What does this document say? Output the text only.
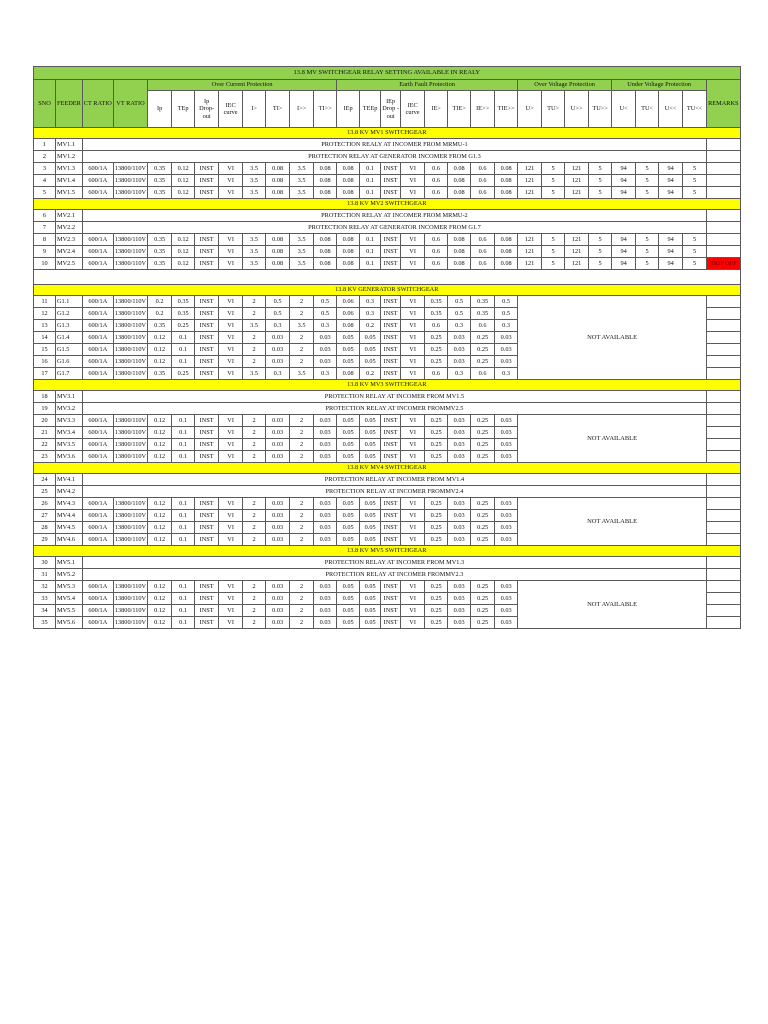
13.8 MV SWITCHGEAR RELAY SETTING AVAILABLE IN REALY																												
SNO	FEEDER	CT RATIO	VT RATIO	Over Current Protection								Earth Fault Protection								Over Voltage Protection				Under Voltage Protection				REMARKS
				Ip	TEp	Ip Drop-out	IEC curve	I>	TI>	I>>	TI>>	IEp	TEEp	IEp Drop - out	IEC curve	IE>	TIE>	IE>>	TIE>>	U>	TU>	U>>	TU>>	U<	TU<	U<<	TU<<	
13.8 KV MV1 SWITCHGEAR																												
1	MV1.1	PROTECTION REALY AT INCOMER FROM MRMU-1																										
2	MV1.2	PROTECTION RELAY AT GENERATOR INCOMER FROM G1.3																										
3	MV1.3	600/1A	13800/110V	0.35	0.12	INST	VI	3.5	0.08	3.5	0.08	0.08	0.1	INST	VI	0.6	0.08	0.6	0.08	121	5	121	5	94	5	94	5	
4	MV1.4	600/1A	13800/110V	0.35	0.12	INST	VI	3.5	0.08	3.5	0.08	0.08	0.1	INST	VI	0.6	0.08	0.6	0.08	121	5	121	5	94	5	94	5	
5	MV1.5	600/1A	13800/110V	0.35	0.12	INST	VI	3.5	0.08	3.5	0.08	0.08	0.1	INST	VI	0.6	0.08	0.6	0.08	121	5	121	5	94	5	94	5	
13.8 KV MV2 SWITCHGEAR																												
6	MV2.1	PROTECTION RELAY AT INCOMER FROM MRMU-2																										
7	MV2.2	PROTECTION RELAY AT GENERATOR INCOMER FROM G1.7																										
8	MV2.3	600/1A	13800/110V	0.35	0.12	INST	VI	3.5	0.08	3.5	0.08	0.08	0.1	INST	VI	0.6	0.08	0.6	0.08	121	5	121	5	94	5	94	5	
9	MV2.4	600/1A	13800/110V	0.35	0.12	INST	VI	3.5	0.08	3.5	0.08	0.08	0.1	INST	VI	0.6	0.08	0.6	0.08	121	5	121	5	94	5	94	5	
10	MV2.5	600/1A	13800/110V	0.35	0.12	INST	VI	3.5	0.08	3.5	0.08	0.08	0.1	INST	VI	0.6	0.08	0.6	0.08	121	5	121	5	94	5	94	5	TRIP OFF

13.8 KV GENERATOR SWITCHGEAR																												
11	G1.1	600/1A	13800/110V	0.2	0.35	INST	VI	2	0.5	2	0.5	0.06	0.3	INST	VI	0.35	0.5	0.35	0.5	NOT AVAILABLE								
12	G1.2	600/1A	13800/110V	0.2	0.35	INST	VI	2	0.5	2	0.5	0.06	0.3	INST	VI	0.35	0.5	0.35	0.5									
13	G1.3	600/1A	13800/110V	0.35	0.25	INST	VI	3.5	0.3	3.5	0.3	0.08	0.2	INST	VI	0.6	0.3	0.6	0.3									
14	G1.4	600/1A	13800/110V	0.12	0.1	INST	VI	2	0.03	2	0.03	0.05	0.05	INST	VI	0.25	0.03	0.25	0.03									
15	G1.5	600/1A	13800/110V	0.12	0.1	INST	VI	2	0.03	2	0.03	0.05	0.05	INST	VI	0.25	0.03	0.25	0.03									
16	G1.6	600/1A	13800/110V	0.12	0.1	INST	VI	2	0.03	2	0.03	0.05	0.05	INST	VI	0.25	0.03	0.25	0.03									
17	G1.7	600/1A	13800/110V	0.35	0.25	INST	VI	3.5	0.3	3.5	0.3	0.08	0.2	INST	VI	0.6	0.3	0.6	0.3									
13.8 KV MV3 SWITCHGEAR																												
18	MV3.1	PROTECTION RELAY AT INCOMER FROM MV1.5																										
19	MV3.2	PROTECTION RELAY AT INCOMER FROMMV2.5																										
20	MV3.3	600/1A	13800/110V	0.12	0.1	INST	VI	2	0.03	2	0.03	0.05	0.05	INST	VI	0.25	0.03	0.25	0.03	NOT AVAILABLE								
21	MV3.4	600/1A	13800/110V	0.12	0.1	INST	VI	2	0.03	2	0.03	0.05	0.05	INST	VI	0.25	0.03	0.25	0.03									
22	MV3.5	600/1A	13800/110V	0.12	0.1	INST	VI	2	0.03	2	0.03	0.05	0.05	INST	VI	0.25	0.03	0.25	0.03									
23	MV3.6	600/1A	13800/110V	0.12	0.1	INST	VI	2	0.03	2	0.03	0.05	0.05	INST	VI	0.25	0.03	0.25	0.03									
13.8 KV MV4 SWITCHGEAR																												
24	MV4.1	PROTECTION RELAY AT INCOMER FROM MV1.4																										
25	MV4.2	PROTECTION RELAY AT INCOMER FROMMV2.4																										
26	MV4.3	600/1A	13800/110V	0.12	0.1	INST	VI	2	0.03	2	0.03	0.05	0.05	INST	VI	0.25	0.03	0.25	0.03	NOT AVAILABLE								
27	MV4.4	600/1A	13800/110V	0.12	0.1	INST	VI	2	0.03	2	0.03	0.05	0.05	INST	VI	0.25	0.03	0.25	0.03									
28	MV4.5	600/1A	13800/110V	0.12	0.1	INST	VI	2	0.03	2	0.03	0.05	0.05	INST	VI	0.25	0.03	0.25	0.03									
29	MV4.6	600/1A	13800/110V	0.12	0.1	INST	VI	2	0.03	2	0.03	0.05	0.05	INST	VI	0.25	0.03	0.25	0.03									
13.8 KV MV5 SWITCHGEAR																												
30	MV5.1	PROTECTION RELAY AT INCOMER FROM MV1.3																										
31	MV5.2	PROTECTION RELAY AT INCOMER FROMMV2.3																										
32	MV5.3	600/1A	13800/110V	0.12	0.1	INST	VI	2	0.03	2	0.03	0.05	0.05	INST	VI	0.25	0.03	0.25	0.03	NOT AVAILABLE								
33	MV5.4	600/1A	13800/110V	0.12	0.1	INST	VI	2	0.03	2	0.03	0.05	0.05	INST	VI	0.25	0.03	0.25	0.03									
34	MV5.5	600/1A	13800/110V	0.12	0.1	INST	VI	2	0.03	2	0.03	0.05	0.05	INST	VI	0.25	0.03	0.25	0.03									
35	MV5.6	600/1A	13800/110V	0.12	0.1	INST	VI	2	0.03	2	0.03	0.05	0.05	INST	VI	0.25	0.03	0.25	0.03									
